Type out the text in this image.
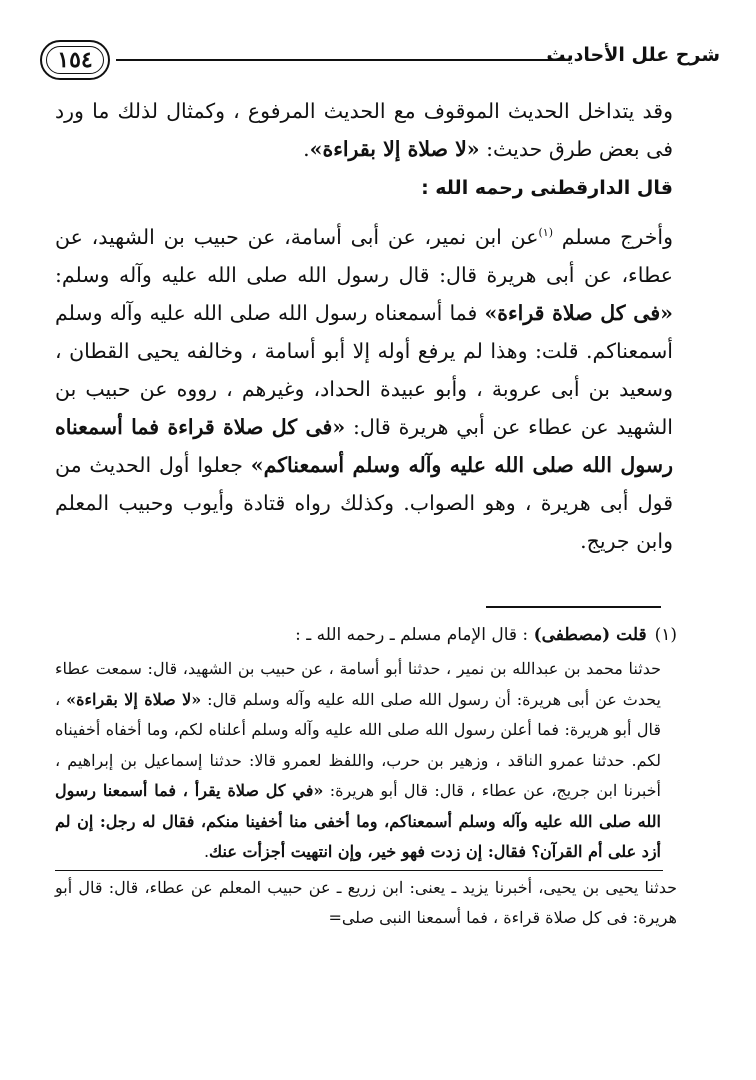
شرح علل الأحاديث
١٥٤

وقد يتداخل الحديث الموقوف مع الحديث المرفوع ، وكمثال لذلك ما ورد فى بعض طرق حديث: «لا صلاة إلا بقراءة».

قال الدارقطنى رحمه الله :

وأخرج مسلم $^{(١)}$عن ابن نمير، عن أبى أسامة، عن حبيب بن الشهيد، عن عطاء، عن أبى هريرة قال: قال رسول الله صلى الله عليه وآله وسلم: «فى كل صلاة قراءة» فما أسمعناه رسول الله صلى الله عليه وآله وسلم أسمعناكم. قلت: وهذا لم يرفع أوله إلا أبو أسامة ، وخالفه يحيى القطان ، وسعيد بن أبى عروبة ، وأبو عبيدة الحداد، وغيرهم ، رووه عن حبيب بن الشهيد عن عطاء عن أبي هريرة قال: «فى كل صلاة قراءة فما أسمعناه رسول الله صلى الله عليه وآله وسلم أسمعناكم» جعلوا أول الحديث من قول أبى هريرة ، وهو الصواب. وكذلك رواه قتادة وأيوب وحبيب المعلم وابن جريج.

(١)قلت (مصطفى) : قال الإمام مسلم ـ رحمه الله ـ :

حدثنا محمد بن عبدالله بن نمير ، حدثنا أبو أسامة ، عن حبيب بن الشهيد، قال: سمعت عطاء يحدث عن أبى هريرة: أن رسول الله صلى الله عليه وآله وسلم قال: «لا صلاة إلا بقراءة» ، قال أبو هريرة: فما أعلن رسول الله صلى الله عليه وآله وسلم أعلناه لكم، وما أخفاه أخفيناه لكم. حدثنا عمرو الناقد ، وزهير بن حرب، واللفظ لعمرو قالا: حدثنا إسماعيل بن إبراهيم ، أخبرنا ابن جريج، عن عطاء ، قال: قال أبو هريرة: «في كل صلاة يقرأ ، فما أسمعنا رسول الله صلى الله عليه وآله وسلم أسمعناكم، وما أخفى منا أخفينا منكم، فقال له رجل: إن لم أزد على أم القرآن؟ فقال: إن زدت فهو خير، وإن انتهيت أجزأت عنك.

حدثنا يحيى بن يحيى، أخبرنا يزيد ـ يعنى: ابن زريع ـ عن حبيب المعلم عن عطاء، قال: قال أبو هريرة: فى كل صلاة قراءة ، فما أسمعنا النبى صلى=
